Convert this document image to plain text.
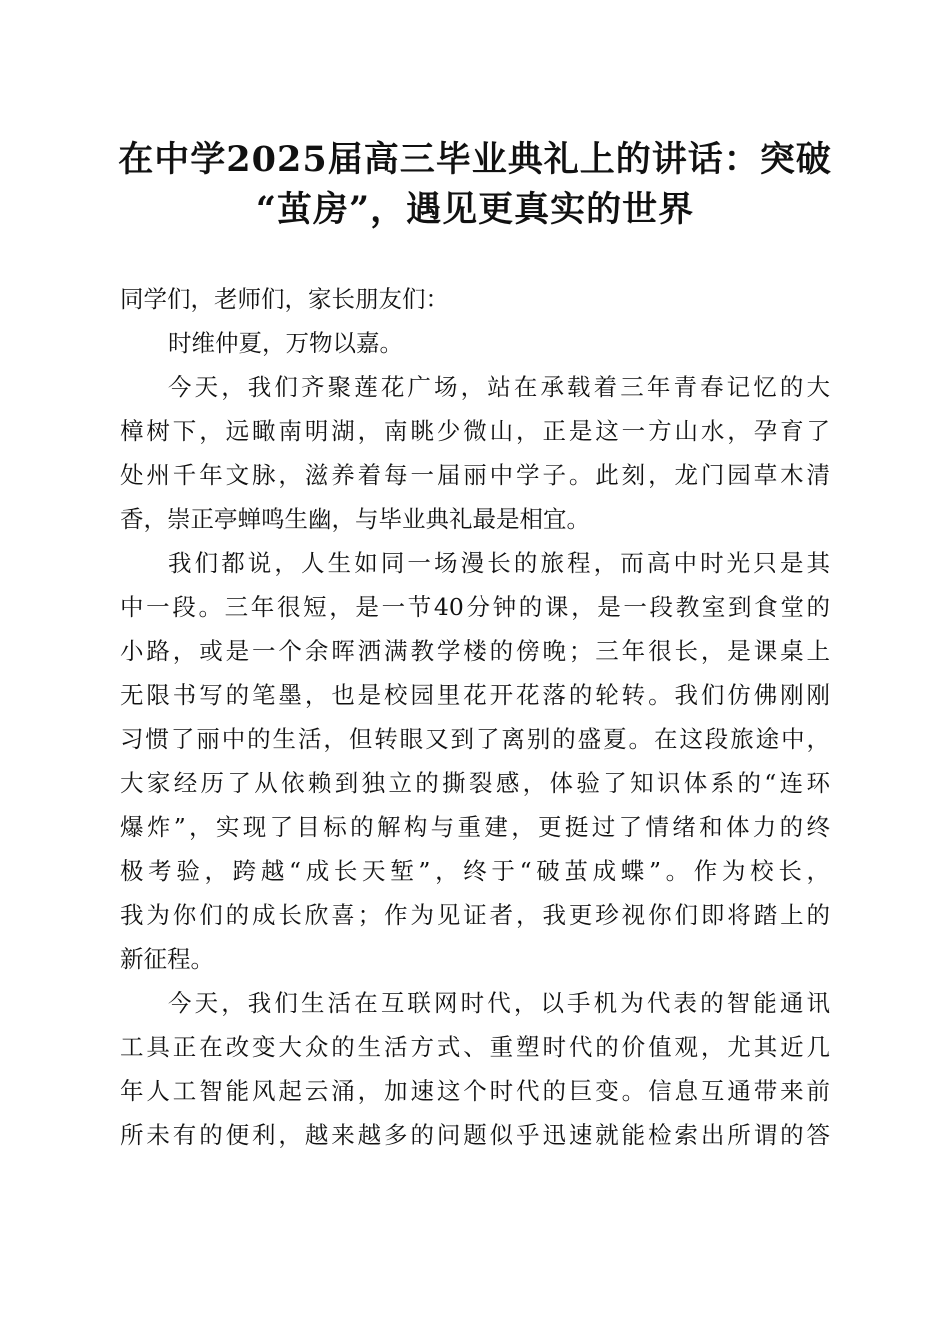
在中学2025届高三毕业典礼上的讲话：突破
“茧房”，遇见更真实的世界
同学们，老师们，家长朋友们：
时维仲夏，万物以嘉。
今天，我们齐聚莲花广场，站在承载着三年青春记忆的大
樟树下，远瞰南明湖，南眺少微山，正是这一方山水，孕育了
处州千年文脉，滋养着每一届丽中学子。此刻，龙门园草木清
香，崇正亭蝉鸣生幽，与毕业典礼最是相宜。
我们都说，人生如同一场漫长的旅程，而高中时光只是其
中一段。三年很短，是一节40分钟的课，是一段教室到食堂的
小路，或是一个余晖洒满教学楼的傍晚；三年很长，是课桌上
无限书写的笔墨，也是校园里花开花落的轮转。我们仿佛刚刚
习惯了丽中的生活，但转眼又到了离别的盛夏。在这段旅途中，
大家经历了从依赖到独立的撕裂感，体验了知识体系的“连环
爆炸”，实现了目标的解构与重建，更挺过了情绪和体力的终
极考验，跨越“成长天堑”，终于“破茧成蝶”。作为校长，
我为你们的成长欣喜；作为见证者，我更珍视你们即将踏上的
新征程。
今天，我们生活在互联网时代，以手机为代表的智能通讯
工具正在改变大众的生活方式、重塑时代的价值观，尤其近几
年人工智能风起云涌，加速这个时代的巨变。信息互通带来前
所未有的便利，越来越多的问题似乎迅速就能检索出所谓的答
